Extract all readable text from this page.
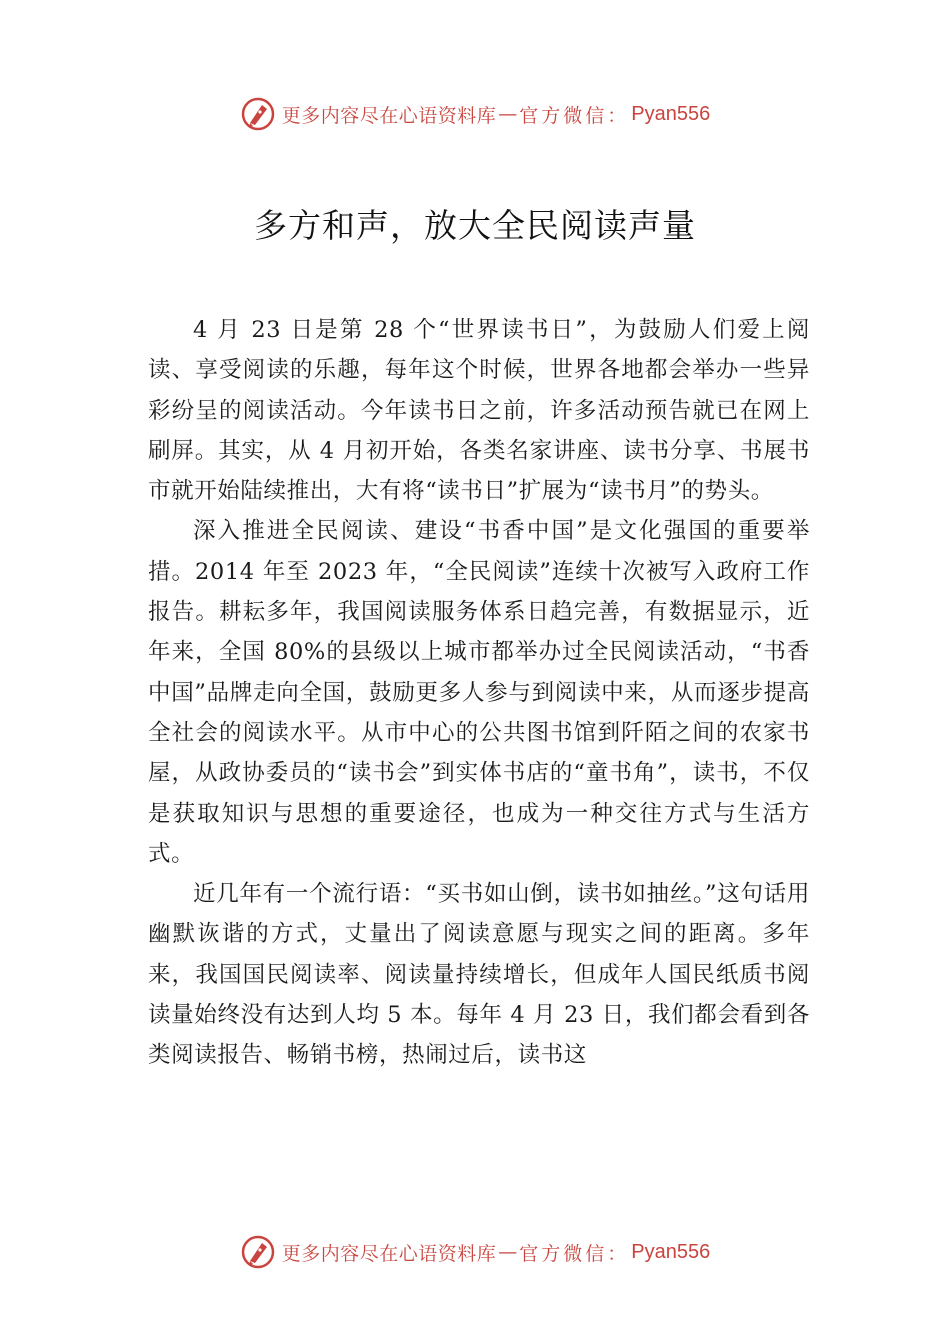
更多内容尽在心语资料库 — 官方微信： Pyan556
多方和声，放大全民阅读声量

4 月 23 日是第 28 个“世界读书日”，为鼓励人们爱上阅读、享受阅读的乐趣，每年这个时候，世界各地都会举办一些异彩纷呈的阅读活动。今年读书日之前，许多活动预告就已在网上刷屏。其实，从 4 月初开始，各类名家讲座、读书分享、书展书市就开始陆续推出，大有将“读书日”扩展为“读书月”的势头。

深入推进全民阅读、建设“书香中国”是文化强国的重要举措。2014 年至 2023 年，“全民阅读”连续十次被写入政府工作报告。耕耘多年，我国阅读服务体系日趋完善，有数据显示，近年来，全国 80%的县级以上城市都举办过全民阅读活动，“书香中国”品牌走向全国，鼓励更多人参与到阅读中来，从而逐步提高全社会的阅读水平。从市中心的公共图书馆到阡陌之间的农家书屋，从政协委员的“读书会”到实体书店的“童书角”，读书，不仅是获取知识与思想的重要途径，也成为一种交往方式与生活方式。

近几年有一个流行语：“买书如山倒，读书如抽丝。”这句话用幽默诙谐的方式，丈量出了阅读意愿与现实之间的距离。多年来，我国国民阅读率、阅读量持续增长，但成年人国民纸质书阅读量始终没有达到人均 5 本。每年 4 月 23 日，我们都会看到各类阅读报告、畅销书榜，热闹过后，读书这

更多内容尽在心语资料库 — 官方微信： Pyan556
